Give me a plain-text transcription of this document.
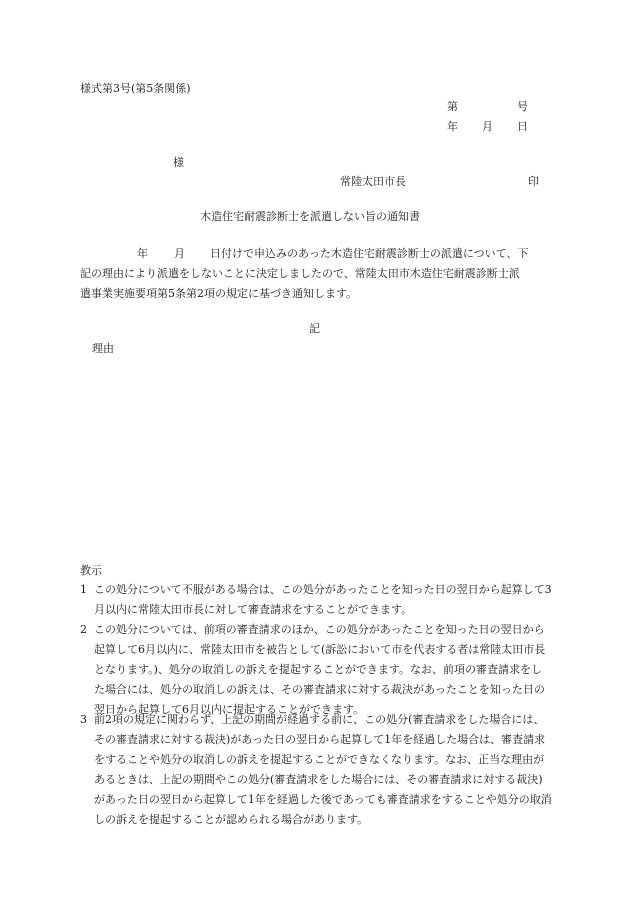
様式第3号(第5条関係)
第	号
年 月 日
様
常陸太田市長	印
木造住宅耐震診断士を派遣しない旨の通知書
年 月 日付けで申込みのあった木造住宅耐震診断士の派遣について、下
記の理由により派遣をしないことに決定しましたので、常陸太田市木造住宅耐震診断士派
遣事業実施要項第5条第2項の規定に基づき通知します。
記
理由
教示
1 この処分について不服がある場合は、この処分があったことを知った日の翌日から起算して3月以内に常陸太田市長に対して審査請求をすることができます。
2 この処分については、前項の審査請求のほか、この処分があったことを知った日の翌日から起算して6月以内に、常陸太田市を被告として(訴訟において市を代表する者は常陸太田市長となります。)、処分の取消しの訴えを提起することができます。なお、前項の審査請求をした場合には、処分の取消しの訴えは、その審査請求に対する裁決があったことを知った日の翌日から起算して6月以内に提起することができます。
3 前2項の規定に関わらず、上記の期間が経過する前に、この処分(審査請求をした場合には、その審査請求に対する裁決)があった日の翌日から起算して1年を経過した場合は、審査請求をすることや処分の取消しの訴えを提起することができなくなります。なお、正当な理由があるときは、上記の期間やこの処分(審査請求をした場合には、その審査請求に対する裁決)があった日の翌日から起算して1年を経過した後であっても審査請求をすることや処分の取消しの訴えを提起することが認められる場合があります。
